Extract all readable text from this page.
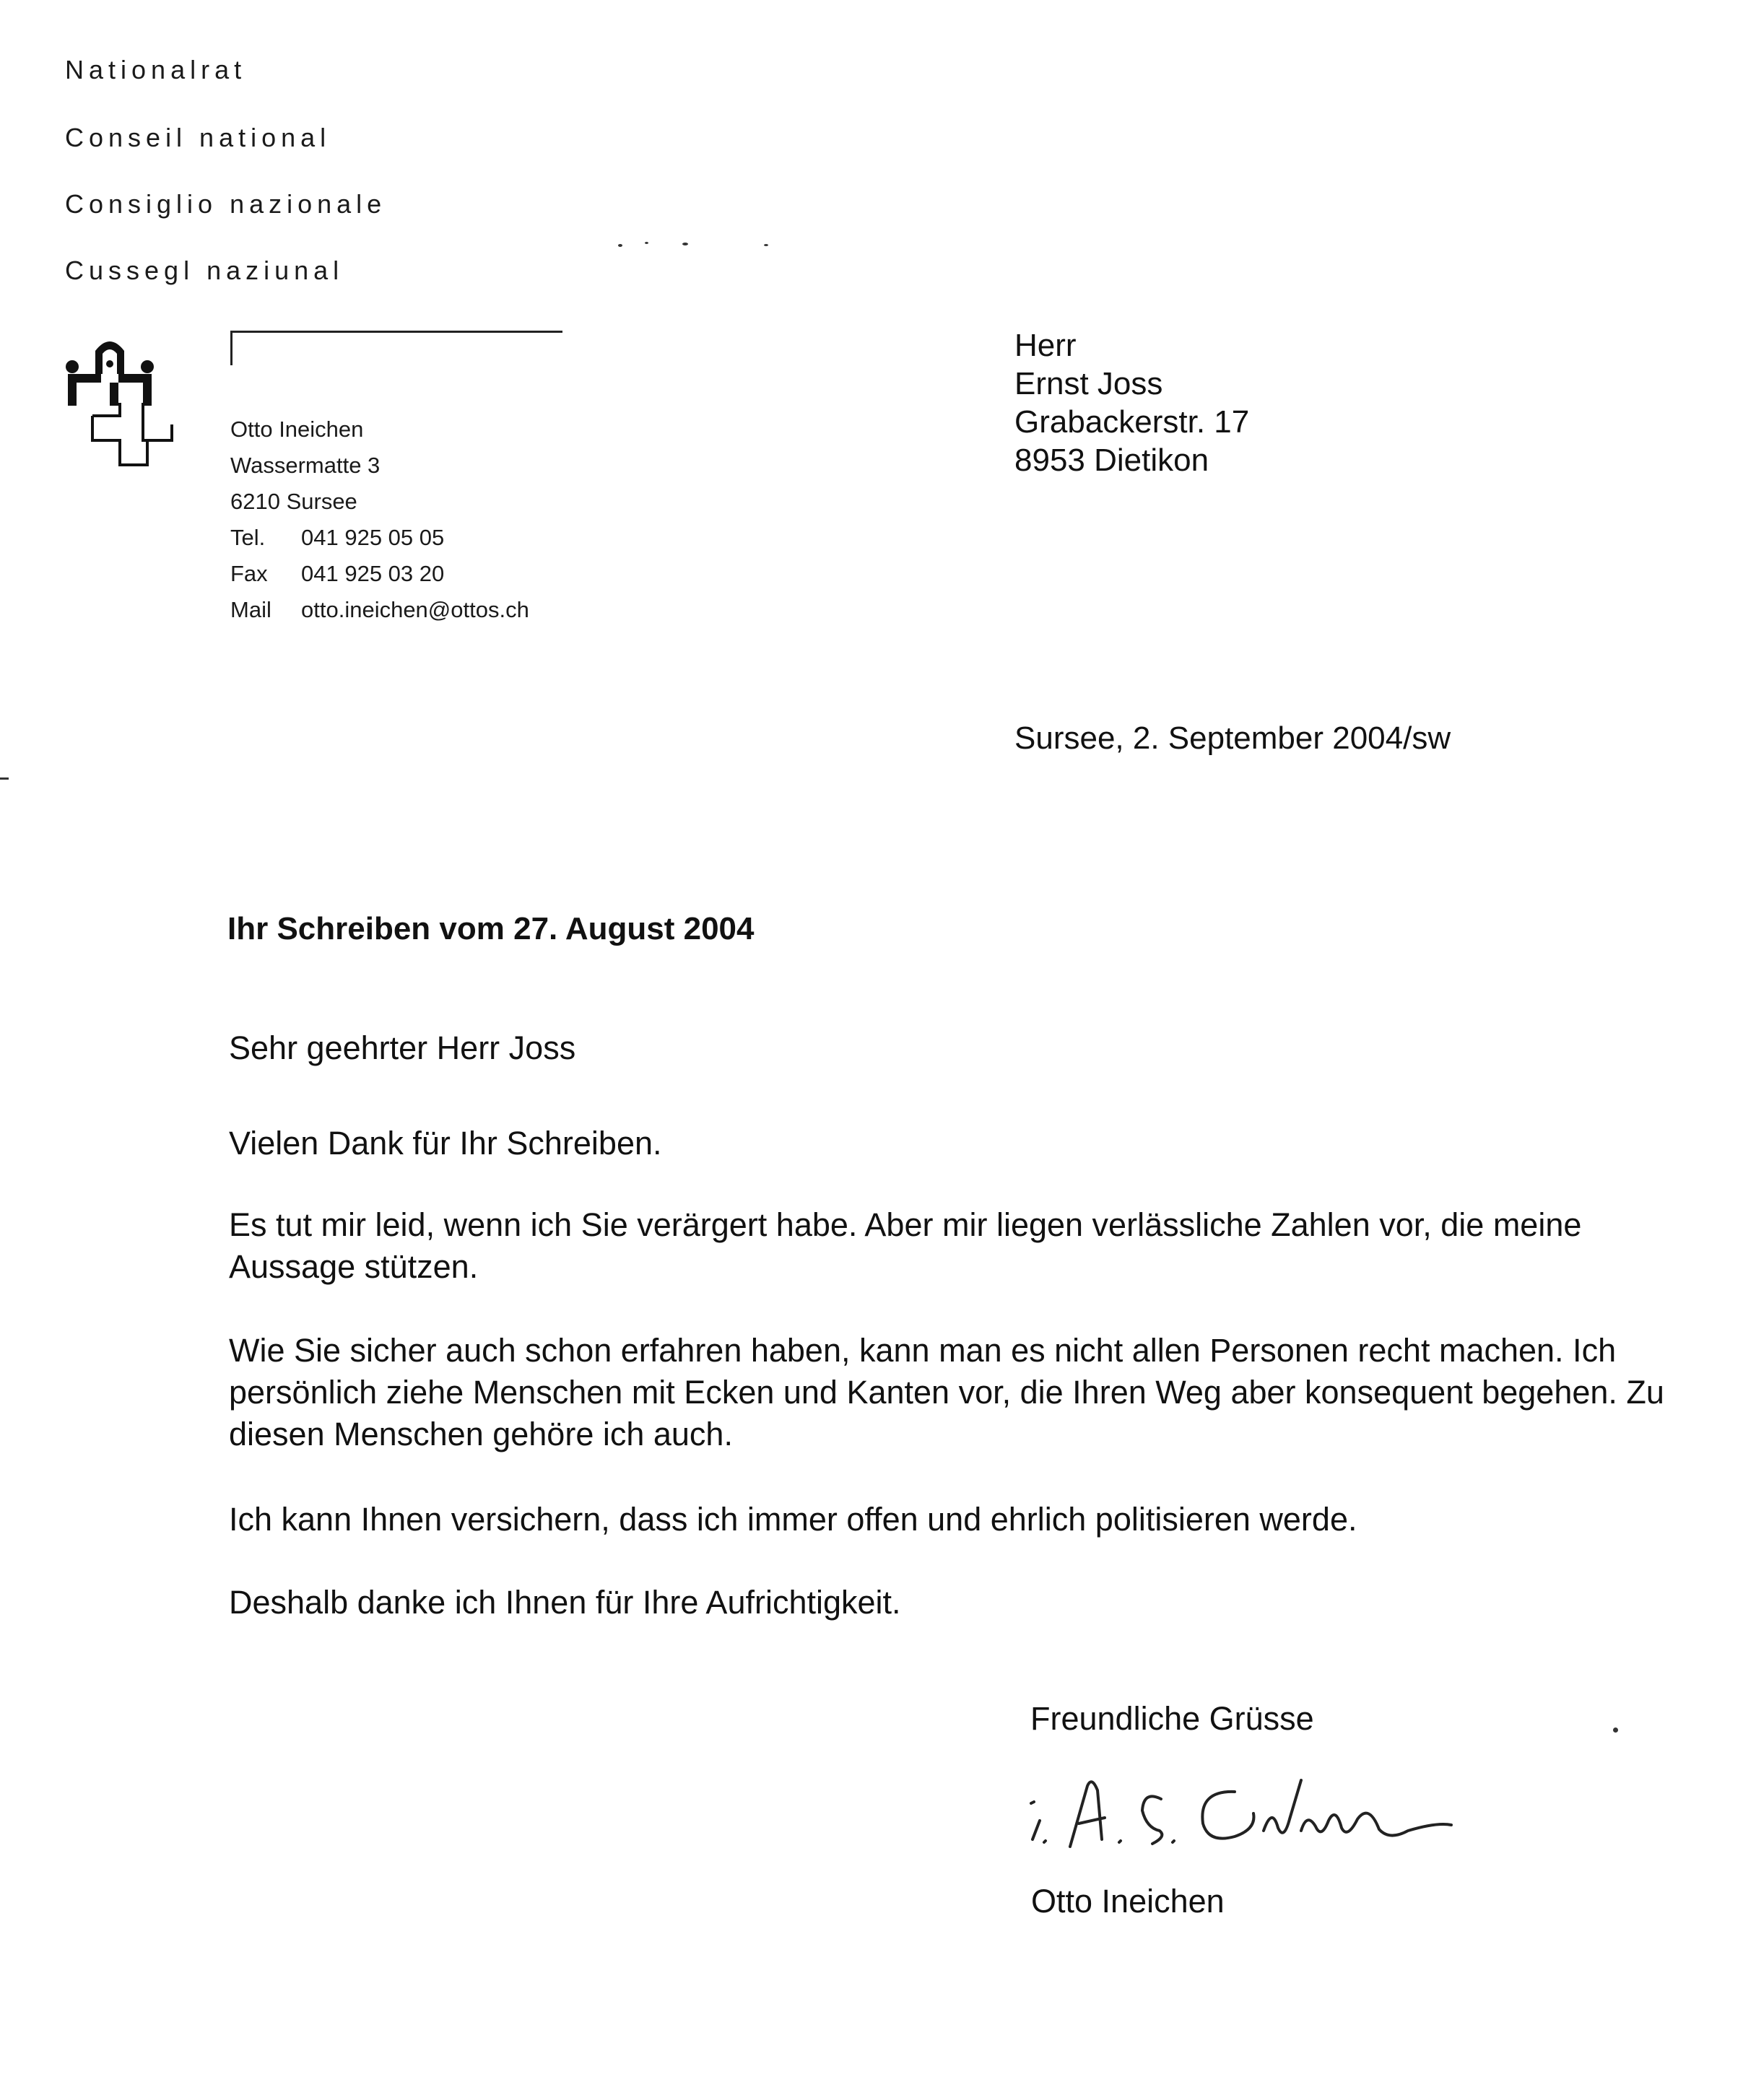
Nationalrat
Conseil national
Consiglio nazionale
Cussegl naziunal
Otto Ineichen
Wassermatte 3
6210 Sursee
Tel. 041 925 05 05
Fax 041 925 03 20
Mail otto.ineichen@ottos.ch
Herr
Ernst Joss
Grabackerstr. 17
8953 Dietikon
Sursee, 2. September 2004/sw
Ihr Schreiben vom 27. August 2004
Sehr geehrter Herr Joss
Vielen Dank für Ihr Schreiben.
Es tut mir leid, wenn ich Sie verärgert habe. Aber mir liegen verlässliche Zahlen vor, die meine Aussage stützen.
Wie Sie sicher auch schon erfahren haben, kann man es nicht allen Personen recht machen. Ich persönlich ziehe Menschen mit Ecken und Kanten vor, die Ihren Weg aber konsequent begehen. Zu diesen Menschen gehöre ich auch.
Ich kann Ihnen versichern, dass ich immer offen und ehrlich politisieren werde.
Deshalb danke ich Ihnen für Ihre Aufrichtigkeit.
Freundliche Grüsse
Otto Ineichen
